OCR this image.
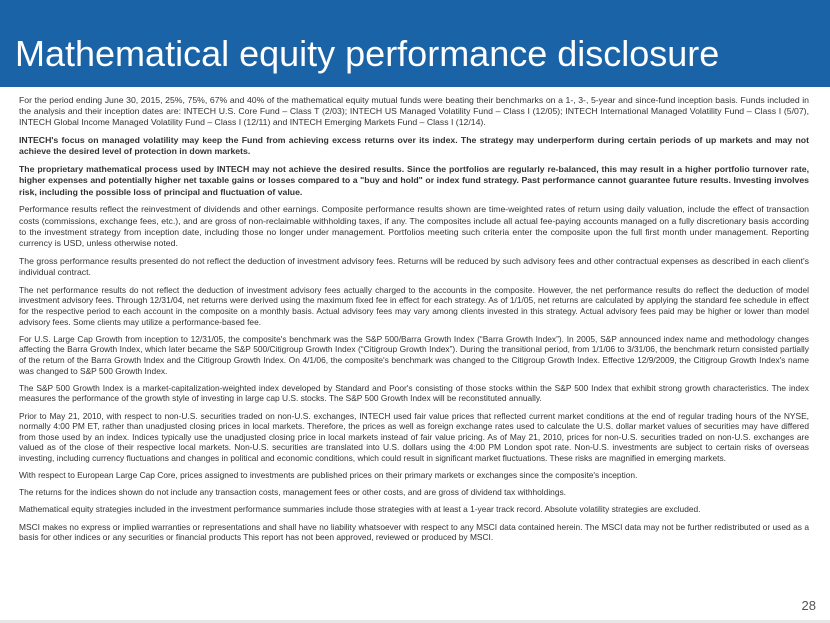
Mathematical equity performance disclosure

For the period ending June 30, 2015, 25%, 75%, 67% and 40% of the mathematical equity mutual funds were beating their benchmarks on a 1-, 3-, 5-year and since-fund inception basis. Funds included in the analysis and their inception dates are: INTECH U.S. Core Fund – Class T (2/03); INTECH US Managed Volatility Fund – Class I (12/05); INTECH International Managed Volatility Fund – Class I (5/07), INTECH Global Income Managed Volatility Fund – Class I (12/11) and INTECH Emerging Markets Fund – Class I (12/14).

INTECH's focus on managed volatility may keep the Fund from achieving excess returns over its index. The strategy may underperform during certain periods of up markets and may not achieve the desired level of protection in down markets.

The proprietary mathematical process used by INTECH may not achieve the desired results. Since the portfolios are regularly re-balanced, this may result in a higher portfolio turnover rate, higher expenses and potentially higher net taxable gains or losses compared to a "buy and hold" or index fund strategy. Past performance cannot guarantee future results. Investing involves risk, including the possible loss of principal and fluctuation of value.

Performance results reflect the reinvestment of dividends and other earnings. Composite performance results shown are time-weighted rates of return using daily valuation, include the effect of transaction costs (commissions, exchange fees, etc.), and are gross of non-reclaimable withholding taxes, if any. The composites include all actual fee-paying accounts managed on a fully discretionary basis according to the investment strategy from inception date, including those no longer under management. Portfolios meeting such criteria enter the composite upon the full first month under management. Reporting currency is USD, unless otherwise noted.

The gross performance results presented do not reflect the deduction of investment advisory fees. Returns will be reduced by such advisory fees and other contractual expenses as described in each client's individual contract.

The net performance results do not reflect the deduction of investment advisory fees actually charged to the accounts in the composite. However, the net performance results do reflect the deduction of model investment advisory fees. Through 12/31/04, net returns were derived using the maximum fixed fee in effect for each strategy. As of 1/1/05, net returns are calculated by applying the standard fee schedule in effect for the respective period to each account in the composite on a monthly basis. Actual advisory fees may vary among clients invested in this strategy. Actual advisory fees paid may be higher or lower than model advisory fees. Some clients may utilize a performance-based fee.

For U.S. Large Cap Growth from inception to 12/31/05, the composite's benchmark was the S&P 500/Barra Growth Index (“Barra Growth Index”). In 2005, S&P announced index name and methodology changes affecting the Barra Growth Index, which later became the S&P 500/Citigroup Growth Index (“Citigroup Growth Index”). During the transitional period, from 1/1/06 to 3/31/06, the benchmark return consisted partially of the return of the Barra Growth Index and the Citigroup Growth Index. On 4/1/06, the composite's benchmark was changed to the Citigroup Growth Index. Effective 12/9/2009, the Citigroup Growth Index's name was changed to S&P 500 Growth Index.

The S&P 500 Growth Index is a market-capitalization-weighted index developed by Standard and Poor's consisting of those stocks within the S&P 500 Index that exhibit strong growth characteristics. The index measures the performance of the growth style of investing in large cap U.S. stocks. The S&P 500 Growth Index will be reconstituted annually.

Prior to May 21, 2010, with respect to non-U.S. securities traded on non-U.S. exchanges, INTECH used fair value prices that reflected current market conditions at the end of regular trading hours of the NYSE, normally 4:00 PM ET, rather than unadjusted closing prices in local markets. Therefore, the prices as well as foreign exchange rates used to calculate the U.S. dollar market values of securities may have differed from those used by an index. Indices typically use the unadjusted closing price in local markets instead of fair value pricing. As of May 21, 2010, prices for non-U.S. securities traded on non-U.S. exchanges are valued as of the close of their respective local markets. Non-U.S. securities are translated into U.S. dollars using the 4:00 PM London spot rate. Non-U.S. investments are subject to certain risks of overseas investing, including currency fluctuations and changes in political and economic conditions, which could result in significant market fluctuations. These risks are magnified in emerging markets.

With respect to European Large Cap Core, prices assigned to investments are published prices on their primary markets or exchanges since the composite's inception.

The returns for the indices shown do not include any transaction costs, management fees or other costs, and are gross of dividend tax withholdings.

Mathematical equity strategies included in the investment performance summaries include those strategies with at least a 1-year track record. Absolute volatility strategies are excluded.

MSCI makes no express or implied warranties or representations and shall have no liability whatsoever with respect to any MSCI data contained herein. The MSCI data may not be further redistributed or used as a basis for other indices or any securities or financial products This report has not been approved, reviewed or produced by MSCI.

28
